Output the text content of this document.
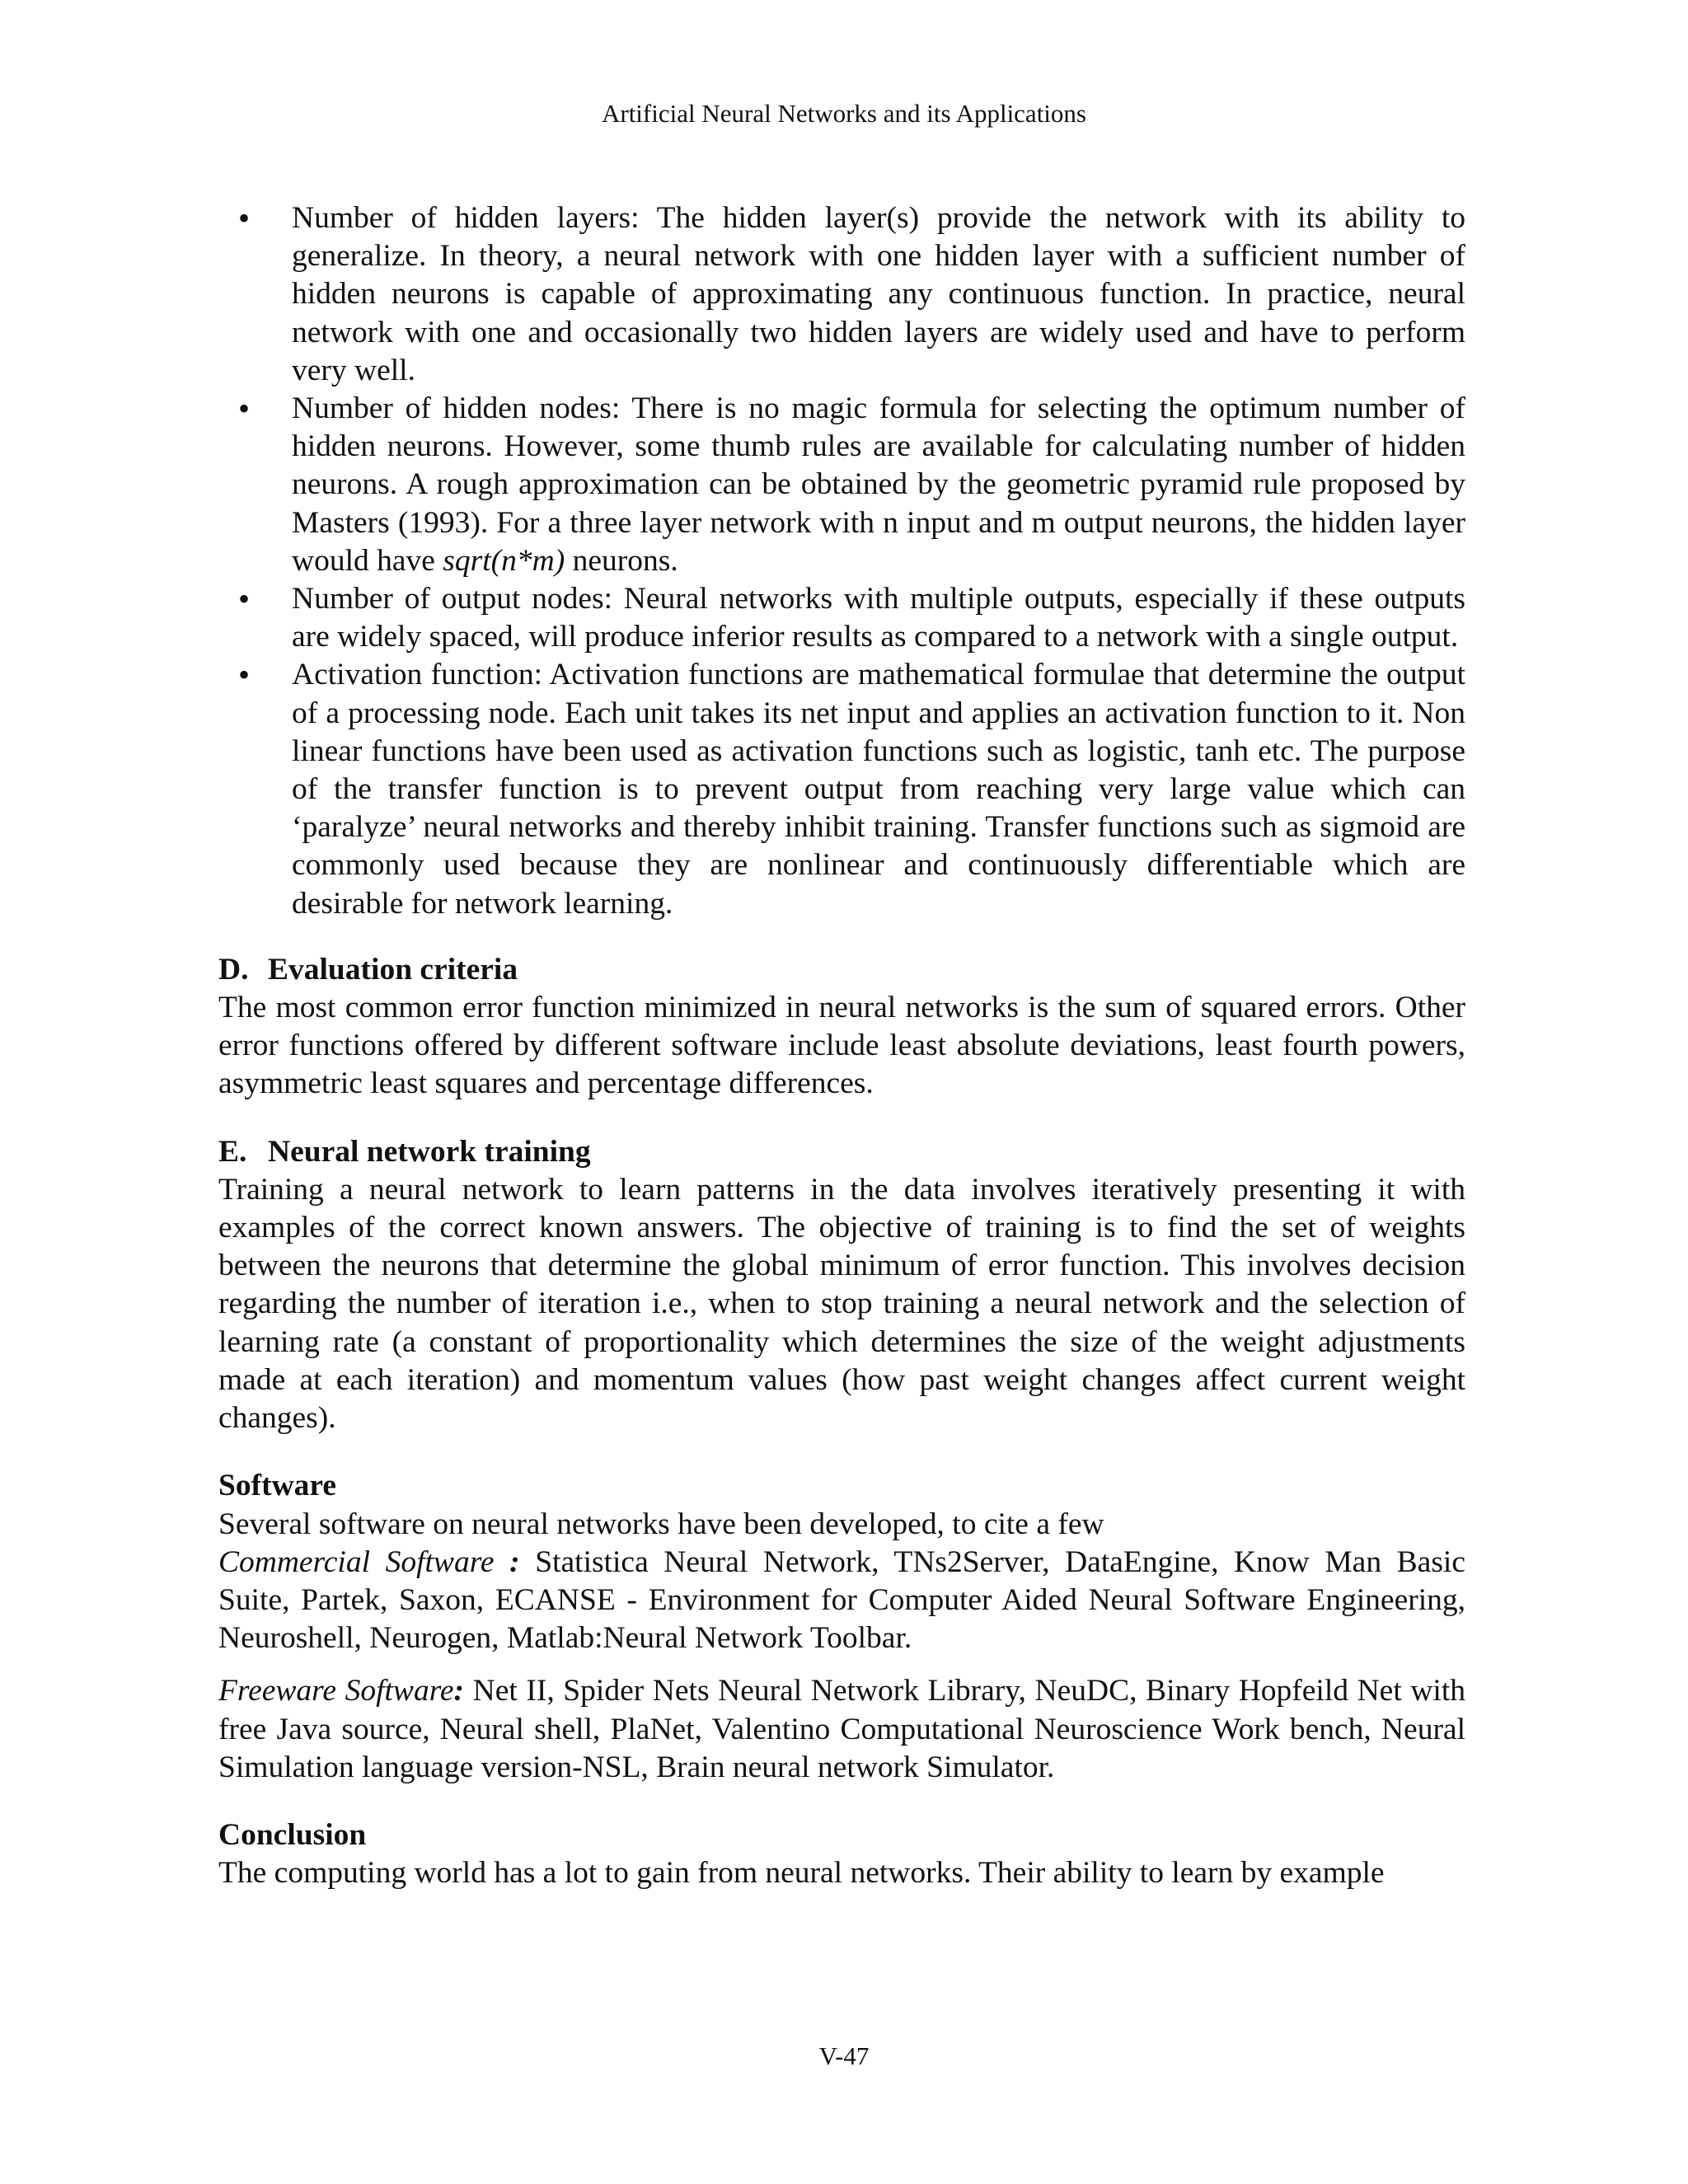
Artificial Neural Networks and its Applications
• Number of hidden layers: The hidden layer(s) provide the network with its ability to generalize. In theory, a neural network with one hidden layer with a sufficient number of hidden neurons is capable of approximating any continuous function. In practice, neural network with one and occasionally two hidden layers are widely used and have to perform very well.
• Number of hidden nodes: There is no magic formula for selecting the optimum number of hidden neurons. However, some thumb rules are available for calculating number of hidden neurons. A rough approximation can be obtained by the geometric pyramid rule proposed by Masters (1993). For a three layer network with n input and m output neurons, the hidden layer would have sqrt(n*m) neurons.
• Number of output nodes: Neural networks with multiple outputs, especially if these outputs are widely spaced, will produce inferior results as compared to a network with a single output.
• Activation function: Activation functions are mathematical formulae that determine the output of a processing node. Each unit takes its net input and applies an activation function to it. Non linear functions have been used as activation functions such as logistic, tanh etc. The purpose of the transfer function is to prevent output from reaching very large value which can ‘paralyze’ neural networks and thereby inhibit training. Transfer functions such as sigmoid are commonly used because they are nonlinear and continuously differentiable which are desirable for network learning.
D. Evaluation criteria

The most common error function minimized in neural networks is the sum of squared errors. Other error functions offered by different software include least absolute deviations, least fourth powers, asymmetric least squares and percentage differences.

E. Neural network training

Training a neural network to learn patterns in the data involves iteratively presenting it with examples of the correct known answers. The objective of training is to find the set of weights between the neurons that determine the global minimum of error function. This involves decision regarding the number of iteration i.e., when to stop training a neural network and the selection of learning rate (a constant of proportionality which determines the size of the weight adjustments made at each iteration) and momentum values (how past weight changes affect current weight changes).

Software

Several software on neural networks have been developed, to cite a few

Commercial Software : Statistica Neural Network, TNs2Server, DataEngine, Know Man Basic Suite, Partek, Saxon, ECANSE - Environment for Computer Aided Neural Software Engineering, Neuroshell, Neurogen, Matlab:Neural Network Toolbar.

Freeware Software: Net II, Spider Nets Neural Network Library, NeuDC, Binary Hopfeild Net with free Java source, Neural shell, PlaNet, Valentino Computational Neuroscience Work bench, Neural Simulation language version-NSL, Brain neural network Simulator.

Conclusion

The computing world has a lot to gain from neural networks. Their ability to learn by example

V-47
